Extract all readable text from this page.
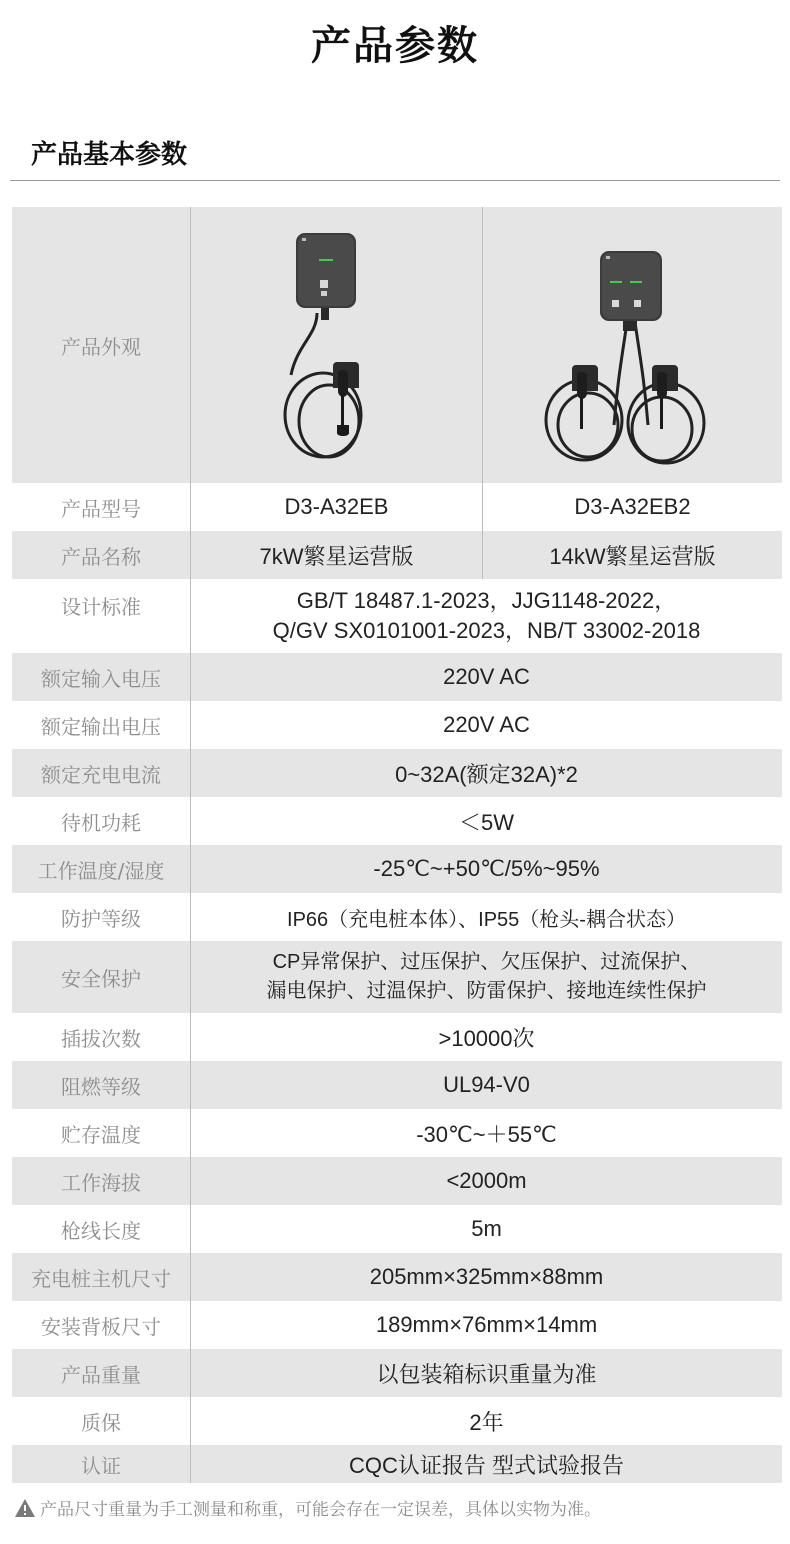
产品参数
产品基本参数
产品外观
产品型号	D3-A32EB	D3-A32EB2
产品名称	7kW繁星运营版	14kW繁星运营版
设计标准	GB/T 18487.1-2023，JJG1148-2022，
Q/GV SX0101001-2023，NB/T 33002-2018
额定输入电压	220V AC
额定输出电压	220V AC
额定充电电流	0~32A(额定32A)*2
待机功耗	＜5W
工作温度/湿度	-25℃~+50℃/5%~95%
防护等级	IP66（充电桩本体）、IP55（枪头-耦合状态）
安全保护
CP异常保护、过压保护、欠压保护、过流保护、
漏电保护、过温保护、防雷保护、接地连续性保护
插拔次数	>10000次
阻燃等级	UL94-V0
贮存温度	-30℃~＋55℃
工作海拔	<2000m
枪线长度	5m
充电桩主机尺寸	205mm×325mm×88mm
安装背板尺寸	189mm×76mm×14mm
产品重量	以包装箱标识重量为准
质保	2年
认证	CQC认证报告 型式试验报告
产品尺寸重量为手工测量和称重，可能会存在一定误差，具体以实物为准。
